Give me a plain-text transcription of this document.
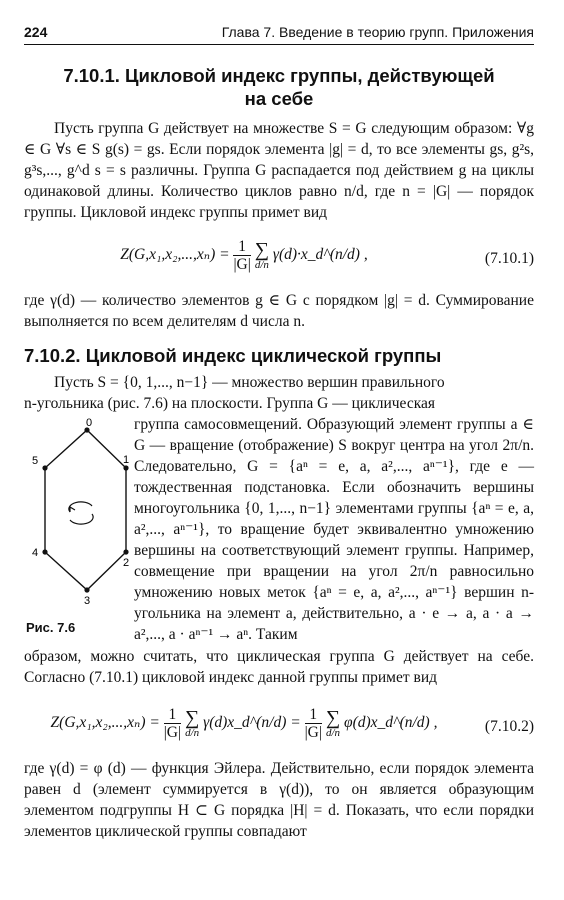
224	Глава 7. Введение в теорию групп. Приложения
7.10.1. Цикловой индекс группы, действующей
на себе

Пусть группа G действует на множестве S = G следующим образом: ∀g ∈ G ∀s ∈ S g(s) = gs. Если порядок элемента |g| = d, то все элементы gs, g²s, g³s,..., g^d s = s различны. Группа G распадается под действием g на циклы одинаковой длины. Количество циклов равно n/d, где n = |G| — порядок группы. Цикловой индекс группы примет вид

$Z(G,x_1,x_2,...,x_n) = \frac{1}{|G|}$
∑
d/n
γ(d)·x_d^(n/d) ,	(7.10.1)

где γ(d) — количество элементов g ∈ G с порядком |g| = d. Суммирование выполняется по всем делителям d числа n.

7.10.2. Цикловой индекс циклической группы

Пусть S = {0, 1,..., n−1} — множество вершин правильного

n-угольника (рис. 7.6) на плоскости. Группа G — циклическая

0
1
2
3
4
5
Рис. 7.6

группа самосовмещений. Образующий элемент группы a ∈ G — вращение (отображение) S вокруг центра на угол 2π/n. Следовательно, G = {aⁿ = e, a, a²,..., aⁿ⁻¹}, где e — тождественная подстановка. Если обозначить вершины многоугольника {0, 1,..., n−1} элементами группы {aⁿ = e, a, a²,..., aⁿ⁻¹}, то вращение будет эквивалентно умножению вершины на соответствующий элемент группы. Например, совмещение при вращении на угол 2π/n равносильно умножению новых меток {aⁿ = e, a, a²,..., aⁿ⁻¹} вершин n-угольника на элемент a, действительно, a · e → a, a · a → a²,..., a · aⁿ⁻¹ → aⁿ. Таким

образом, можно считать, что циклическая группа G действует на себе. Согласно (7.10.1) цикловой индекс данной группы примет вид

$Z(G,x_1,x_2,...,x_n) = \frac{1}{|G|}$
∑
d/n
γ(d)x_d^(n/d) = $\frac{1}{|G|}$
∑
d/n
φ(d)x_d^(n/d) ,	(7.10.2)

где γ(d) = φ (d) — функция Эйлера. Действительно, если порядок элемента равен d (элемент суммируется в γ(d)), то он является образующим элементом подгруппы H ⊂ G порядка |H| = d. Показать, что если порядки элементов циклической группы совпадают
